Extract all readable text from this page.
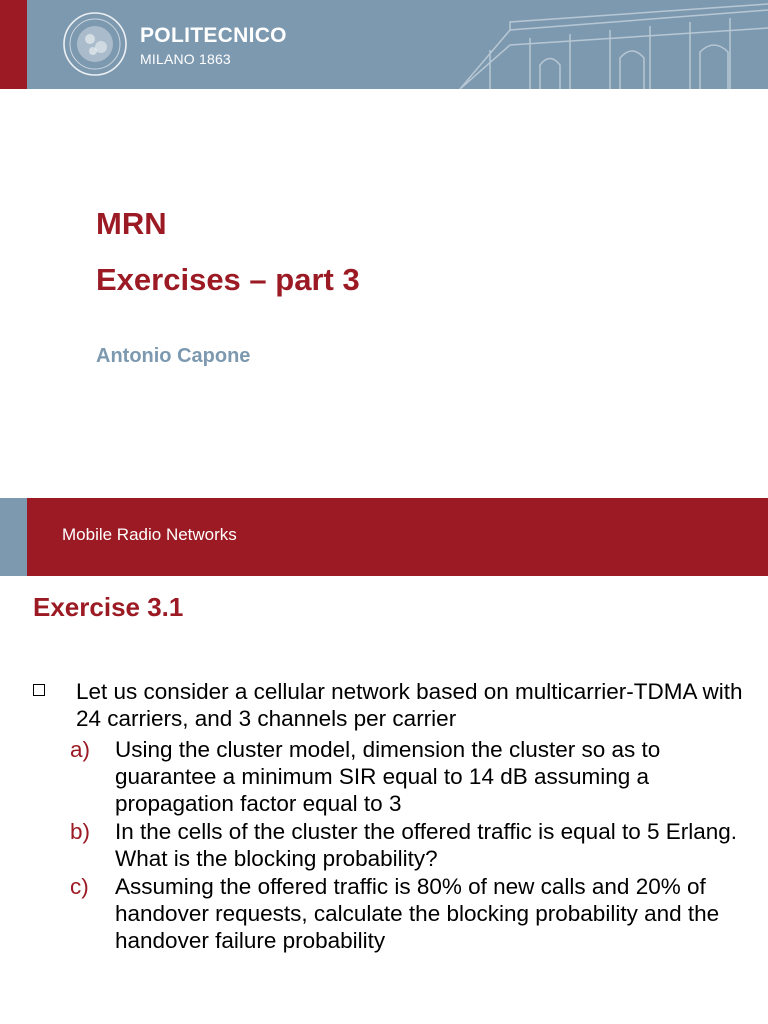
POLITECNICO
MILANO 1863
MRN
Exercises – part 3
Antonio Capone
Mobile Radio Networks
Exercise 3.1

Let us consider a cellular network based on multicarrier-TDMA with 24 carriers, and 3 channels per carrier

a) Using the cluster model, dimension the cluster so as to guarantee a minimum SIR equal to 14 dB assuming a propagation factor equal to 3
b) In the cells of the cluster the offered traffic is equal to 5 Erlang. What is the blocking probability?
c) Assuming the offered traffic is 80% of new calls and 20% of handover requests, calculate the blocking probability and the handover failure probability
